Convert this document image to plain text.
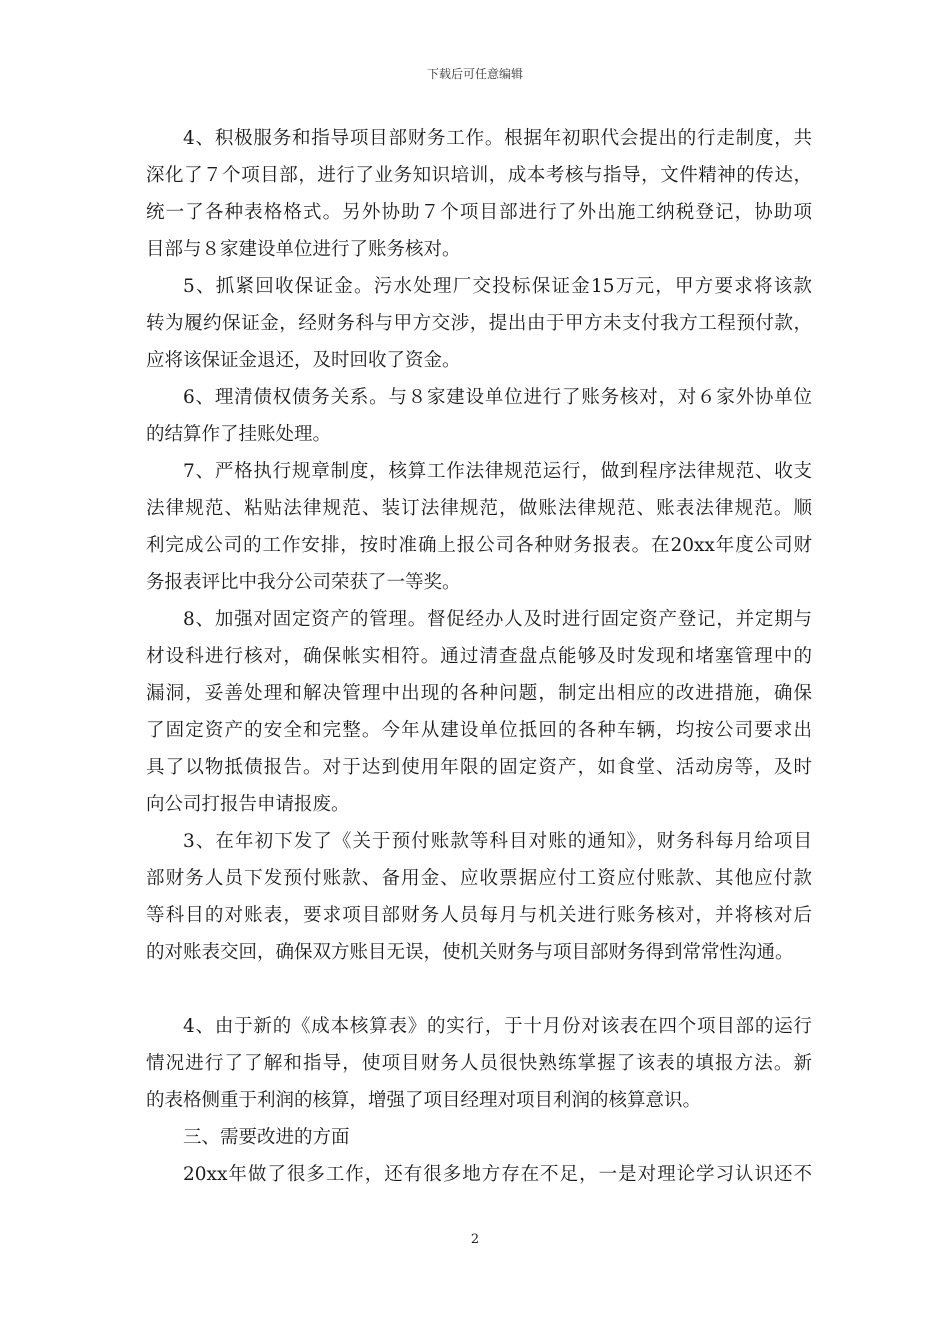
下载后可任意编辑
4、积极服务和指导项目部财务工作。根据年初职代会提出的行走制度，共
深化了７个项目部，进行了业务知识培训，成本考核与指导，文件精神的传达，
统一了各种表格格式。另外协助７个项目部进行了外出施工纳税登记，协助项
目部与８家建设单位进行了账务核对。
5、抓紧回收保证金。污水处理厂交投标保证金15万元，甲方要求将该款
转为履约保证金，经财务科与甲方交涉，提出由于甲方未支付我方工程预付款，
应将该保证金退还，及时回收了资金。
6、理清债权债务关系。与８家建设单位进行了账务核对，对６家外协单位
的结算作了挂账处理。
7、严格执行规章制度，核算工作法律规范运行，做到程序法律规范、收支
法律规范、粘贴法律规范、装订法律规范，做账法律规范、账表法律规范。顺
利完成公司的工作安排，按时准确上报公司各种财务报表。在20xx年度公司财
务报表评比中我分公司荣获了一等奖。
8、加强对固定资产的管理。督促经办人及时进行固定资产登记，并定期与
材设科进行核对，确保帐实相符。通过清查盘点能够及时发现和堵塞管理中的
漏洞，妥善处理和解决管理中出现的各种问题，制定出相应的改进措施，确保
了固定资产的安全和完整。今年从建设单位抵回的各种车辆，均按公司要求出
具了以物抵债报告。对于达到使用年限的固定资产，如食堂、活动房等，及时
向公司打报告申请报废。
3、在年初下发了《关于预付账款等科目对账的通知》，财务科每月给项目
部财务人员下发预付账款、备用金、应收票据应付工资应付账款、其他应付款
等科目的对账表，要求项目部财务人员每月与机关进行账务核对，并将核对后
的对账表交回，确保双方账目无误，使机关财务与项目部财务得到常常性沟通。
4、由于新的《成本核算表》的实行，于十月份对该表在四个项目部的运行
情况进行了了解和指导，使项目财务人员很快熟练掌握了该表的填报方法。新
的表格侧重于利润的核算，增强了项目经理对项目利润的核算意识。
三、需要改进的方面
20xx年做了很多工作，还有很多地方存在不足，一是对理论学习认识还不
2
